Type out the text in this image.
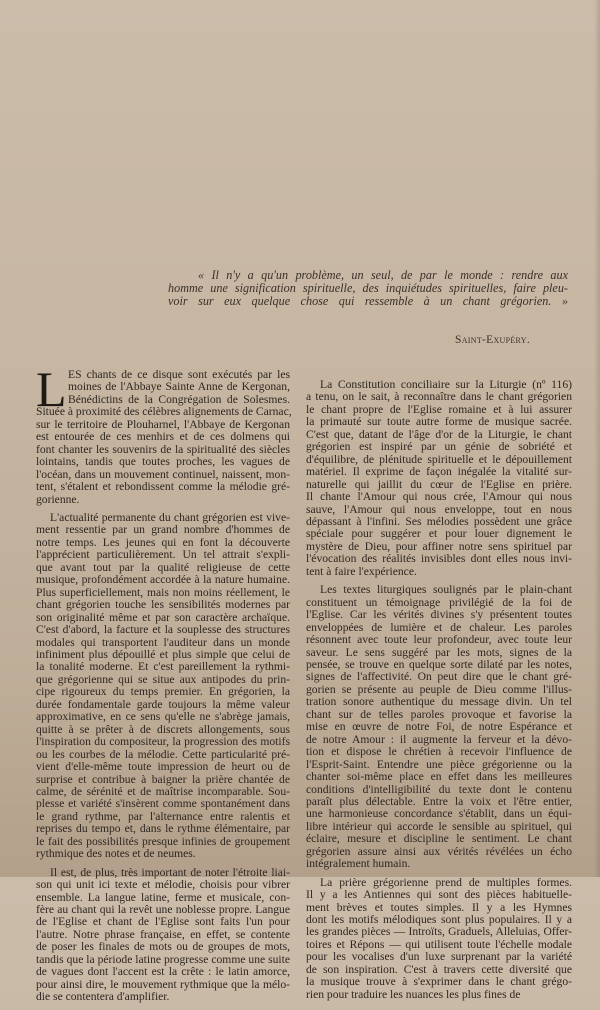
« Il n'y a qu'un problème, un seul, de par le monde : rendre aux
homme une signification spirituelle, des inquiétudes spirituelles, faire pleu-
voir sur eux quelque chose qui ressemble à un chant grégorien. »
Saint-Exupéry.
L ES chants de ce disque sont exécutés par les
moines de l'Abbaye Sainte Anne de Kergonan,
Bénédictins de la Congrégation de Solesmes.
Située à proximité des célèbres alignements de Carnac,
sur le territoire de Plouharnel, l'Abbaye de Kergonan
est entourée de ces menhirs et de ces dolmens qui
font chanter les souvenirs de la spiritualité des siècles
lointains, tandis que toutes proches, les vagues de
l'océan, dans un mouvement continuel, naissent, mon-
tent, s'étalent et rebondissent comme la mélodie gré-
gorienne.
L'actualité permanente du chant grégorien est vive-
ment ressentie par un grand nombre d'hommes de
notre temps. Les jeunes qui en font la découverte
l'apprécient particulièrement. Un tel attrait s'expli-
que avant tout par la qualité religieuse de cette
musique, profondément accordée à la nature humaine.
Plus superficiellement, mais non moins réellement, le
chant grégorien touche les sensibilités modernes par
son originalité même et par son caractère archaïque.
C'est d'abord, la facture et la souplesse des structures
modales qui transportent l'auditeur dans un monde
infiniment plus dépouillé et plus simple que celui de
la tonalité moderne. Et c'est pareillement la rythmi-
que grégorienne qui se situe aux antipodes du prin-
cipe rigoureux du temps premier. En grégorien, la
durée fondamentale garde toujours la même valeur
approximative, en ce sens qu'elle ne s'abrège jamais,
quitte à se prêter à de discrets allongements, sous
l'inspiration du compositeur, la progression des motifs
ou les courbes de la mélodie. Cette particularité pré-
vient d'elle-même toute impression de heurt ou de
surprise et contribue à baigner la prière chantée de
calme, de sérénité et de maîtrise incomparable. Sou-
plesse et variété s'insèrent comme spontanément dans
le grand rythme, par l'alternance entre ralentis et
reprises du tempo et, dans le rythme élémentaire, par
le fait des possibilités presque infinies de groupement
rythmique des notes et de neumes.
Il est, de plus, très important de noter l'étroite liai-
son qui unit ici texte et mélodie, choisis pour vibrer
ensemble. La langue latine, ferme et musicale, con-
fère au chant qui la revêt une noblesse propre. Langue
de l'Eglise et chant de l'Eglise sont faits l'un pour
l'autre. Notre phrase française, en effet, se contente
de poser les finales de mots ou de groupes de mots,
tandis que la période latine progresse comme une suite
de vagues dont l'accent est la crête : le latin amorce,
pour ainsi dire, le mouvement rythmique que la mélo-
die se contentera d'amplifier.
La Constitution conciliaire sur la Liturgie (nº 116)
a tenu, on le sait, à reconnaître dans le chant grégorien
le chant propre de l'Eglise romaine et à lui assurer
la primauté sur toute autre forme de musique sacrée.
C'est que, datant de l'âge d'or de la Liturgie, le chant
grégorien est inspiré par un génie de sobriété et
d'équilibre, de plénitude spirituelle et le dépouillement
matériel. Il exprime de façon inégalée la vitalité sur-
naturelle qui jaillit du cœur de l'Eglise en prière.
Il chante l'Amour qui nous crée, l'Amour qui nous
sauve, l'Amour qui nous enveloppe, tout en nous
dépassant à l'infini. Ses mélodies possèdent une grâce
spéciale pour suggérer et pour louer dignement le
mystère de Dieu, pour affiner notre sens spirituel par
l'évocation des réalités invisibles dont elles nous invi-
tent à faire l'expérience.
Les textes liturgiques soulignés par le plain-chant
constituent un témoignage privilégié de la foi de
l'Eglise. Car les vérités divines s'y présentent toutes
enveloppées de lumière et de chaleur. Les paroles
résonnent avec toute leur profondeur, avec toute leur
saveur. Le sens suggéré par les mots, signes de la
pensée, se trouve en quelque sorte dilaté par les notes,
signes de l'affectivité. On peut dire que le chant gré-
gorien se présente au peuple de Dieu comme l'illus-
tration sonore authentique du message divin. Un tel
chant sur de telles paroles provoque et favorise la
mise en œuvre de notre Foi, de notre Espérance et
de notre Amour : il augmente la ferveur et la dévo-
tion et dispose le chrétien à recevoir l'influence de
l'Esprit-Saint. Entendre une pièce grégorienne ou la
chanter soi-même place en effet dans les meilleures
conditions d'intelligibilité du texte dont le contenu
paraît plus délectable. Entre la voix et l'être entier,
une harmonieuse concordance s'établit, dans un équi-
libre intérieur qui accorde le sensible au spirituel, qui
éclaire, mesure et discipline le sentiment. Le chant
grégorien assure ainsi aux vérités révélées un écho
intégralement humain.
La prière grégorienne prend de multiples formes.
Il y a les Antiennes qui sont des pièces habituelle-
ment brèves et toutes simples. Il y a les Hymnes
dont les motifs mélodiques sont plus populaires. Il y a
les grandes pièces — Introïts, Graduels, Alleluias, Offer-
toires et Répons — qui utilisent toute l'échelle modale
pour les vocalises d'un luxe surprenant par la variété
de son inspiration. C'est à travers cette diversité que
la musique trouve à s'exprimer dans le chant grégo-
rien pour traduire les nuances les plus fines de
